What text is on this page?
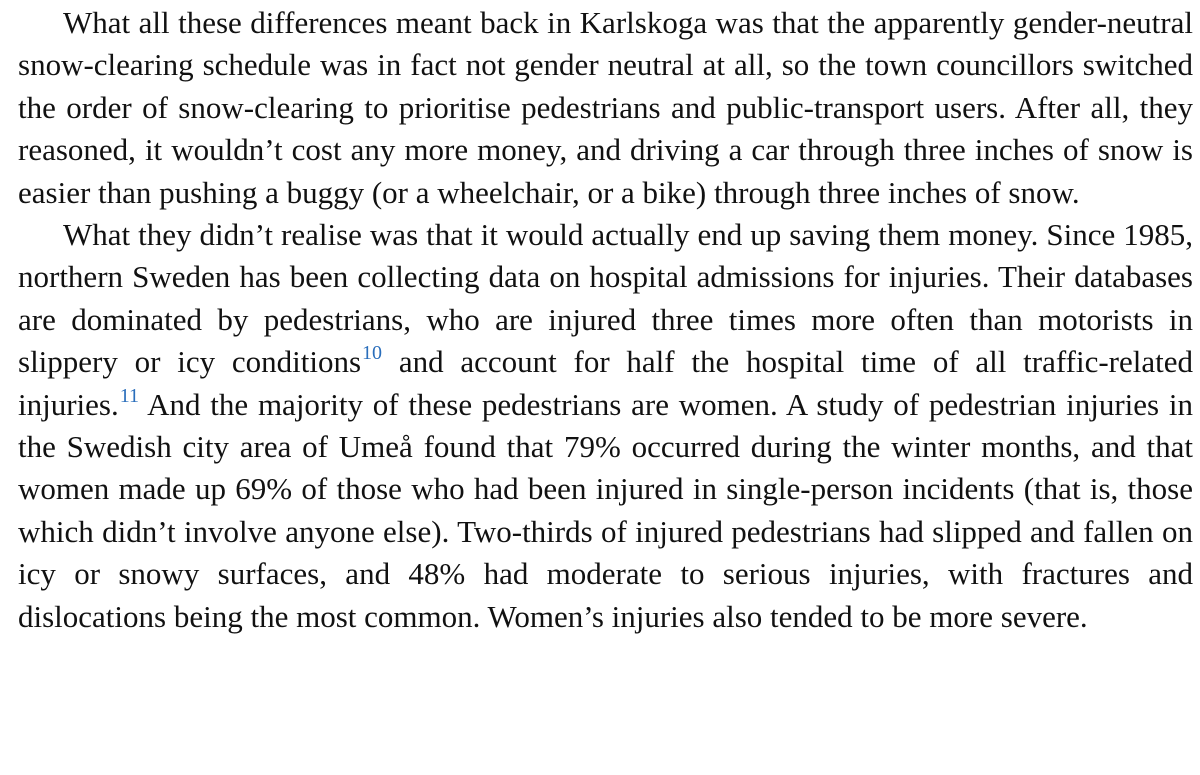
What all these differences meant back in Karlskoga was that the apparently gender-neutral snow-clearing schedule was in fact not gender neutral at all, so the town councillors switched the order of snow-clearing to prioritise pedestrians and public-transport users. After all, they reasoned, it wouldn’t cost any more money, and driving a car through three inches of snow is easier than pushing a buggy (or a wheelchair, or a bike) through three inches of snow.

What they didn’t realise was that it would actually end up saving them money. Since 1985, northern Sweden has been collecting data on hospital admissions for injuries. Their databases are dominated by pedestrians, who are injured three times more often than motorists in slippery or icy conditions$^{10}$ and account for half the hospital time of all traffic-related injuries.$^{11}$ And the majority of these pedestrians are women. A study of pedestrian injuries in the Swedish city area of Umeå found that 79% occurred during the winter months, and that women made up 69% of those who had been injured in single-person incidents (that is, those which didn’t involve anyone else). Two-thirds of injured pedestrians had slipped and fallen on icy or snowy surfaces, and 48% had moderate to serious injuries, with fractures and dislocations being the most common. Women’s injuries also tended to be more severe.
